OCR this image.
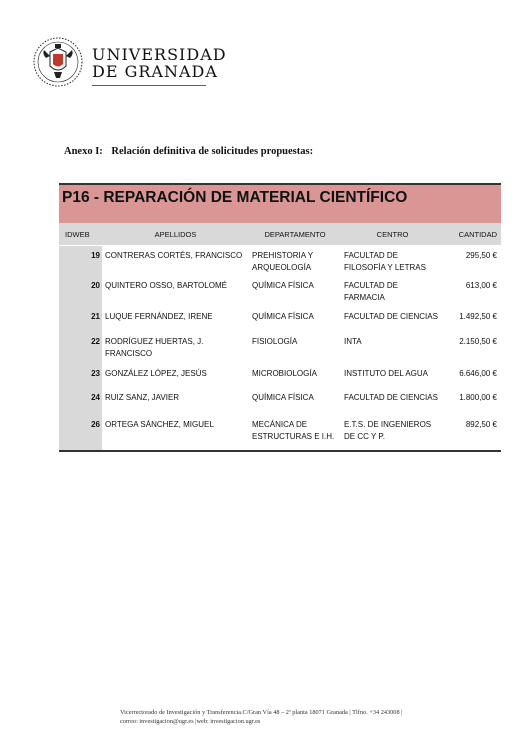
UNIVERSIDAD
DE GRANADA
Anexo I: Relación definitiva de solicitudes propuestas:
P16 - REPARACIÓN DE MATERIAL CIENTÍFICO
IDWEB	APELLIDOS	DEPARTAMENTO	CENTRO	CANTIDAD
19	CONTRERAS CORTÉS, FRANCISCO	PREHISTORIA Y ARQUEOLOGÍA	FACULTAD DE FILOSOFÍA Y LETRAS	295,50 €
20	QUINTERO OSSO, BARTOLOMÉ	QUÍMICA FÍSICA	FACULTAD DE FARMACIA	613,00 €
21	LUQUE FERNÁNDEZ, IRENE	QUÍMICA FÍSICA	FACULTAD DE CIENCIAS	1.492,50 €
22	RODRÍGUEZ HUERTAS, J. FRANCISCO	FISIOLOGÍA	INTA	2.150,50 €
23	GONZÁLEZ LÓPEZ, JESÚS	MICROBIOLOGÍA	INSTITUTO DEL AGUA	6.646,00 €
24	RUIZ SANZ, JAVIER	QUÍMICA FÍSICA	FACULTAD DE CIENCIAS	1.800,00 €
26	ORTEGA SÁNCHEZ, MIGUEL	MECÁNICA DE ESTRUCTURAS E I.H.	E.T.S. DE INGENIEROS DE CC Y P.	892,50 €
Vicerrectorado de Investigación y Transferencia.C/Gran Vía 48 – 2ª planta 18071 Granada | Tlfno. +34 243008 |
correo: investigacion@ugr.es |web: investigacion.ugr.es
